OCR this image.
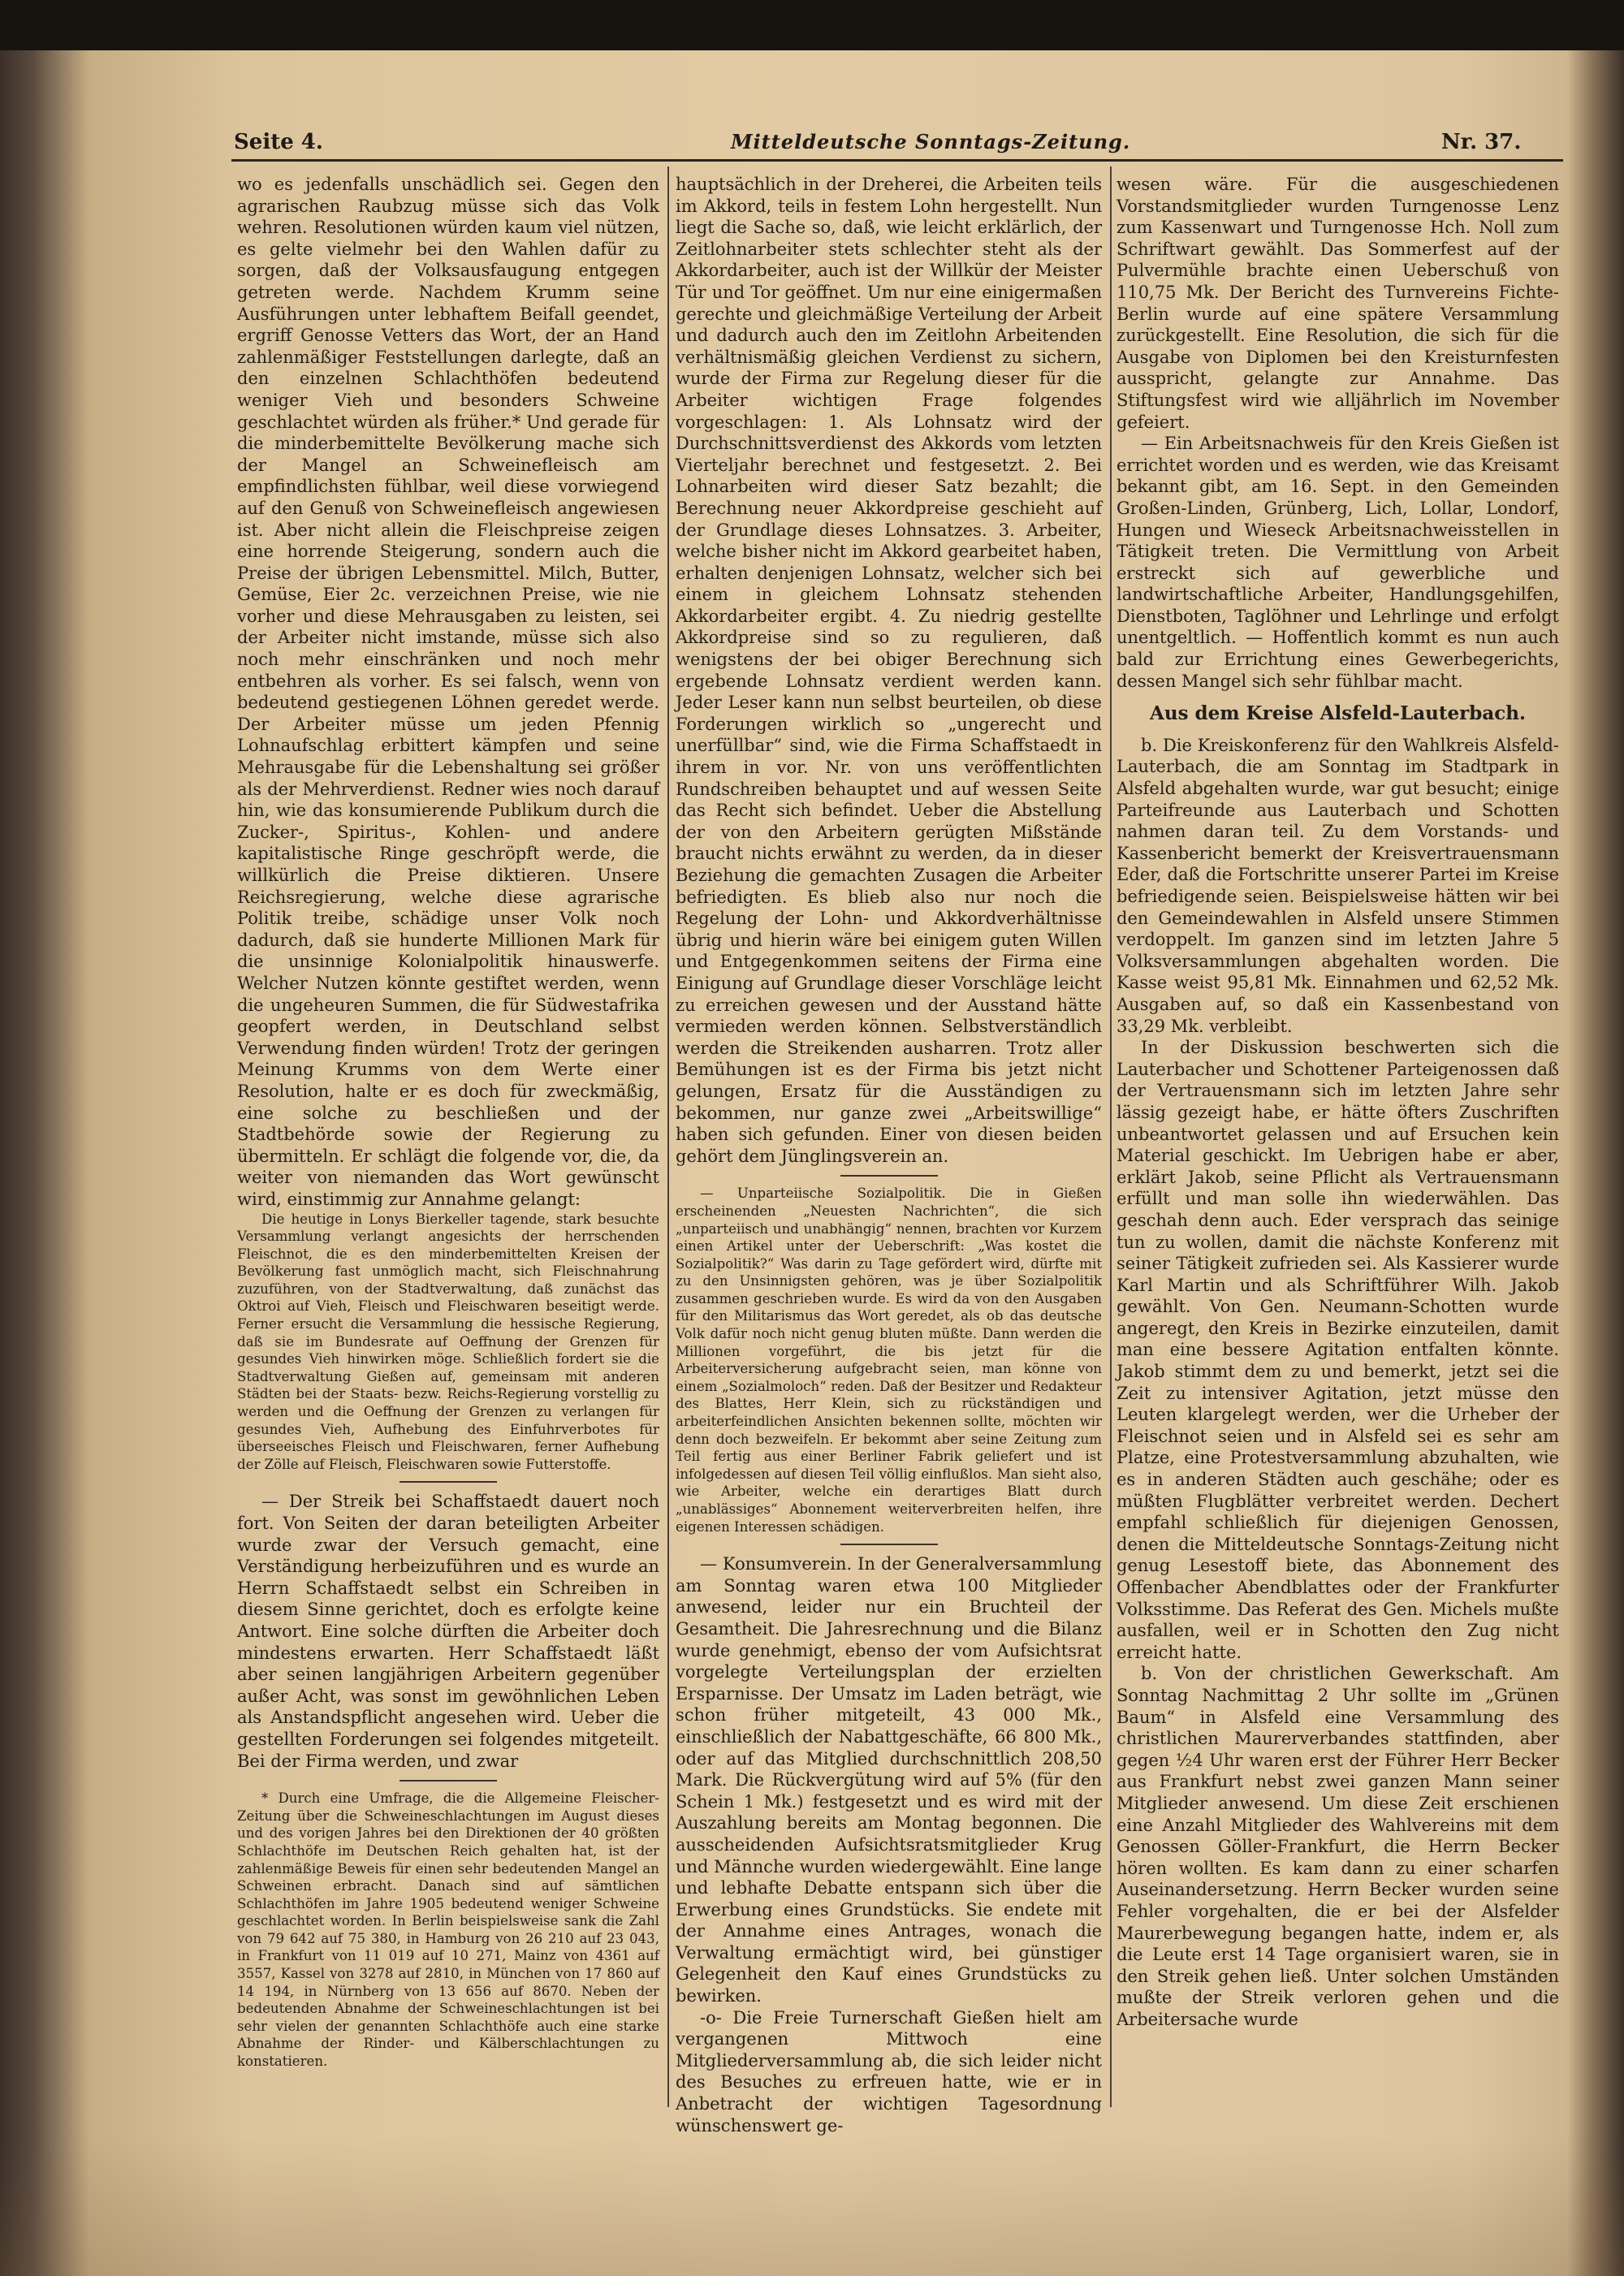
Seite 4.	Mitteldeutsche Sonntags-Zeitung.	Nr. 37.

wo es jedenfalls unschädlich sei. Gegen den agrarischen Raubzug müsse sich das Volk wehren. Resolutionen würden kaum viel nützen, es gelte vielmehr bei den Wahlen dafür zu sorgen, daß der Volksausfaugung entgegen getreten werde. Nachdem Krumm seine Ausführungen unter lebhaftem Beifall geendet, ergriff Genosse Vetters das Wort, der an Hand zahlenmäßiger Feststellungen darlegte, daß an den einzelnen Schlachthöfen bedeutend weniger Vieh und besonders Schweine geschlachtet würden als früher.* Und gerade für die minderbemittelte Bevölkerung mache sich der Mangel an Schweinefleisch am empfindlichsten fühlbar, weil diese vorwiegend auf den Genuß von Schweinefleisch angewiesen ist. Aber nicht allein die Fleischpreise zeigen eine horrende Steigerung, sondern auch die Preise der übrigen Lebensmittel. Milch, Butter, Gemüse, Eier 2c. verzeichnen Preise, wie nie vorher und diese Mehrausgaben zu leisten, sei der Arbeiter nicht imstande, müsse sich also noch mehr einschränken und noch mehr entbehren als vorher. Es sei falsch, wenn von bedeutend gestiegenen Löhnen geredet werde. Der Arbeiter müsse um jeden Pfennig Lohnaufschlag erbittert kämpfen und seine Mehrausgabe für die Lebenshaltung sei größer als der Mehrverdienst. Redner wies noch darauf hin, wie das konsumierende Publikum durch die Zucker-, Spiritus-, Kohlen- und andere kapitalistische Ringe geschröpft werde, die willkürlich die Preise diktieren. Unsere Reichsregierung, welche diese agrarische Politik treibe, schädige unser Volk noch dadurch, daß sie hunderte Millionen Mark für die unsinnige Kolonialpolitik hinauswerfe. Welcher Nutzen könnte gestiftet werden, wenn die ungeheuren Summen, die für Südwestafrika geopfert werden, in Deutschland selbst Verwendung finden würden! Trotz der geringen Meinung Krumms von dem Werte einer Resolution, halte er es doch für zweckmäßig, eine solche zu beschließen und der Stadtbehörde sowie der Regierung zu übermitteln. Er schlägt die folgende vor, die, da weiter von niemanden das Wort gewünscht wird, einstimmig zur Annahme gelangt:

Die heutige in Lonys Bierkeller tagende, stark besuchte Versammlung verlangt angesichts der herrschenden Fleischnot, die es den minderbemittelten Kreisen der Bevölkerung fast unmöglich macht, sich Fleischnahrung zuzuführen, von der Stadtverwaltung, daß zunächst das Oktroi auf Vieh, Fleisch und Fleischwaren beseitigt werde. Ferner ersucht die Versammlung die hessische Regierung, daß sie im Bundesrate auf Oeffnung der Grenzen für gesundes Vieh hinwirken möge. Schließlich fordert sie die Stadtverwaltung Gießen auf, gemeinsam mit anderen Städten bei der Staats- bezw. Reichs-Regierung vorstellig zu werden und die Oeffnung der Grenzen zu verlangen für gesundes Vieh, Aufhebung des Einfuhrverbotes für überseeisches Fleisch und Fleischwaren, ferner Aufhebung der Zölle auf Fleisch, Fleischwaren sowie Futterstoffe.

— Der Streik bei Schaffstaedt dauert noch fort. Von Seiten der daran beteiligten Arbeiter wurde zwar der Versuch gemacht, eine Verständigung herbeizuführen und es wurde an Herrn Schaffstaedt selbst ein Schreiben in diesem Sinne gerichtet, doch es erfolgte keine Antwort. Eine solche dürften die Arbeiter doch mindestens erwarten. Herr Schaffstaedt läßt aber seinen langjährigen Arbeitern gegenüber außer Acht, was sonst im gewöhnlichen Leben als Anstandspflicht angesehen wird. Ueber die gestellten Forderungen sei folgendes mitgeteilt. Bei der Firma werden, und zwar

* Durch eine Umfrage, die die Allgemeine Fleischer-Zeitung über die Schweineschlachtungen im August dieses und des vorigen Jahres bei den Direktionen der 40 größten Schlachthöfe im Deutschen Reich gehalten hat, ist der zahlenmäßige Beweis für einen sehr bedeutenden Mangel an Schweinen erbracht. Danach sind auf sämtlichen Schlachthöfen im Jahre 1905 bedeutend weniger Schweine geschlachtet worden. In Berlin beispielsweise sank die Zahl von 79 642 auf 75 380, in Hamburg von 26 210 auf 23 043, in Frankfurt von 11 019 auf 10 271, Mainz von 4361 auf 3557, Kassel von 3278 auf 2810, in München von 17 860 auf 14 194, in Nürnberg von 13 656 auf 8670. Neben der bedeutenden Abnahme der Schweineschlachtungen ist bei sehr vielen der genannten Schlachthöfe auch eine starke Abnahme der Rinder- und Kälberschlachtungen zu konstatieren.

hauptsächlich in der Dreherei, die Arbeiten teils im Akkord, teils in festem Lohn hergestellt. Nun liegt die Sache so, daß, wie leicht erklärlich, der Zeitlohnarbeiter stets schlechter steht als der Akkordarbeiter, auch ist der Willkür der Meister Tür und Tor geöffnet. Um nur eine einigermaßen gerechte und gleichmäßige Verteilung der Arbeit und dadurch auch den im Zeitlohn Arbeitenden verhältnismäßig gleichen Verdienst zu sichern, wurde der Firma zur Regelung dieser für die Arbeiter wichtigen Frage folgendes vorgeschlagen: 1. Als Lohnsatz wird der Durchschnittsverdienst des Akkords vom letzten Vierteljahr berechnet und festgesetzt. 2. Bei Lohnarbeiten wird dieser Satz bezahlt; die Berechnung neuer Akkordpreise geschieht auf der Grundlage dieses Lohnsatzes. 3. Arbeiter, welche bisher nicht im Akkord gearbeitet haben, erhalten denjenigen Lohnsatz, welcher sich bei einem in gleichem Lohnsatz stehenden Akkordarbeiter ergibt. 4. Zu niedrig gestellte Akkordpreise sind so zu regulieren, daß wenigstens der bei obiger Berechnung sich ergebende Lohnsatz verdient werden kann. Jeder Leser kann nun selbst beurteilen, ob diese Forderungen wirklich so „ungerecht und unerfüllbar“ sind, wie die Firma Schaffstaedt in ihrem in vor. Nr. von uns veröffentlichten Rundschreiben behauptet und auf wessen Seite das Recht sich befindet. Ueber die Abstellung der von den Arbeitern gerügten Mißstände braucht nichts erwähnt zu werden, da in dieser Beziehung die gemachten Zusagen die Arbeiter befriedigten. Es blieb also nur noch die Regelung der Lohn- und Akkordverhältnisse übrig und hierin wäre bei einigem guten Willen und Entgegenkommen seitens der Firma eine Einigung auf Grundlage dieser Vorschläge leicht zu erreichen gewesen und der Ausstand hätte vermieden werden können. Selbstverständlich werden die Streikenden ausharren. Trotz aller Bemühungen ist es der Firma bis jetzt nicht gelungen, Ersatz für die Ausständigen zu bekommen, nur ganze zwei „Arbeitswillige“ haben sich gefunden. Einer von diesen beiden gehört dem Jünglingsverein an.

— Unparteiische Sozialpolitik. Die in Gießen erscheinenden „Neuesten Nachrichten“, die sich „unparteiisch und unabhängig“ nennen, brachten vor Kurzem einen Artikel unter der Ueberschrift: „Was kostet die Sozialpolitik?“ Was darin zu Tage gefördert wird, dürfte mit zu den Unsinnigsten gehören, was je über Sozialpolitik zusammen geschrieben wurde. Es wird da von den Ausgaben für den Militarismus das Wort geredet, als ob das deutsche Volk dafür noch nicht genug bluten müßte. Dann werden die Millionen vorgeführt, die bis jetzt für die Arbeiterversicherung aufgebracht seien, man könne von einem „Sozialmoloch“ reden. Daß der Besitzer und Redakteur des Blattes, Herr Klein, sich zu rückständigen und arbeiterfeindlichen Ansichten bekennen sollte, möchten wir denn doch bezweifeln. Er bekommt aber seine Zeitung zum Teil fertig aus einer Berliner Fabrik geliefert und ist infolgedessen auf diesen Teil völlig einflußlos. Man sieht also, wie Arbeiter, welche ein derartiges Blatt durch „unablässiges“ Abonnement weiterverbreiten helfen, ihre eigenen Interessen schädigen.

— Konsumverein. In der Generalversammlung am Sonntag waren etwa 100 Mitglieder anwesend, leider nur ein Bruchteil der Gesamtheit. Die Jahresrechnung und die Bilanz wurde genehmigt, ebenso der vom Aufsichtsrat vorgelegte Verteilungsplan der erzielten Ersparnisse. Der Umsatz im Laden beträgt, wie schon früher mitgeteilt, 43 000 Mk., einschließlich der Nabattgeschäfte, 66 800 Mk., oder auf das Mitglied durchschnittlich 208,50 Mark. Die Rückvergütung wird auf 5% (für den Schein 1 Mk.) festgesetzt und es wird mit der Auszahlung bereits am Montag begonnen. Die ausscheidenden Aufsichtsratsmitglieder Krug und Männche wurden wiedergewählt. Eine lange und lebhafte Debatte entspann sich über die Erwerbung eines Grundstücks. Sie endete mit der Annahme eines Antrages, wonach die Verwaltung ermächtigt wird, bei günstiger Gelegenheit den Kauf eines Grundstücks zu bewirken.

-o- Die Freie Turnerschaft Gießen hielt am vergangenen Mittwoch eine Mitgliederversammlung ab, die sich leider nicht des Besuches zu erfreuen hatte, wie er in Anbetracht der wichtigen Tagesordnung wünschenswert ge-

wesen wäre. Für die ausgeschiedenen Vorstandsmitglieder wurden Turngenosse Lenz zum Kassenwart und Turngenosse Hch. Noll zum Schriftwart gewählt. Das Sommerfest auf der Pulvermühle brachte einen Ueberschuß von 110,75 Mk. Der Bericht des Turnvereins Fichte-Berlin wurde auf eine spätere Versammlung zurückgestellt. Eine Resolution, die sich für die Ausgabe von Diplomen bei den Kreisturnfesten ausspricht, gelangte zur Annahme. Das Stiftungsfest wird wie alljährlich im November gefeiert.

— Ein Arbeitsnachweis für den Kreis Gießen ist errichtet worden und es werden, wie das Kreisamt bekannt gibt, am 16. Sept. in den Gemeinden Großen-Linden, Grünberg, Lich, Lollar, Londorf, Hungen und Wieseck Arbeitsnachweisstellen in Tätigkeit treten. Die Vermittlung von Arbeit erstreckt sich auf gewerbliche und landwirtschaftliche Arbeiter, Handlungsgehilfen, Dienstboten, Taglöhner und Lehrlinge und erfolgt unentgeltlich. — Hoffentlich kommt es nun auch bald zur Errichtung eines Gewerbegerichts, dessen Mangel sich sehr fühlbar macht.

Aus dem Kreise Alsfeld-Lauterbach.

b. Die Kreiskonferenz für den Wahlkreis Alsfeld-Lauterbach, die am Sonntag im Stadtpark in Alsfeld abgehalten wurde, war gut besucht; einige Parteifreunde aus Lauterbach und Schotten nahmen daran teil. Zu dem Vorstands- und Kassenbericht bemerkt der Kreisvertrauensmann Eder, daß die Fortschritte unserer Partei im Kreise befriedigende seien. Beispielsweise hätten wir bei den Gemeindewahlen in Alsfeld unsere Stimmen verdoppelt. Im ganzen sind im letzten Jahre 5 Volksversammlungen abgehalten worden. Die Kasse weist 95,81 Mk. Einnahmen und 62,52 Mk. Ausgaben auf, so daß ein Kassenbestand von 33,29 Mk. verbleibt.

In der Diskussion beschwerten sich die Lauterbacher und Schottener Parteigenossen daß der Vertrauensmann sich im letzten Jahre sehr lässig gezeigt habe, er hätte öfters Zuschriften unbeantwortet gelassen und auf Ersuchen kein Material geschickt. Im Uebrigen habe er aber, erklärt Jakob, seine Pflicht als Vertrauensmann erfüllt und man solle ihn wiederwählen. Das geschah denn auch. Eder versprach das seinige tun zu wollen, damit die nächste Konferenz mit seiner Tätigkeit zufrieden sei. Als Kassierer wurde Karl Martin und als Schriftführer Wilh. Jakob gewählt. Von Gen. Neumann-Schotten wurde angeregt, den Kreis in Bezirke einzuteilen, damit man eine bessere Agitation entfalten könnte. Jakob stimmt dem zu und bemerkt, jetzt sei die Zeit zu intensiver Agitation, jetzt müsse den Leuten klargelegt werden, wer die Urheber der Fleischnot seien und in Alsfeld sei es sehr am Platze, eine Protestversammlung abzuhalten, wie es in anderen Städten auch geschähe; oder es müßten Flugblätter verbreitet werden. Dechert empfahl schließlich für diejenigen Genossen, denen die Mitteldeutsche Sonntags-Zeitung nicht genug Lesestoff biete, das Abonnement des Offenbacher Abendblattes oder der Frankfurter Volksstimme. Das Referat des Gen. Michels mußte ausfallen, weil er in Schotten den Zug nicht erreicht hatte.

b. Von der christlichen Gewerkschaft. Am Sonntag Nachmittag 2 Uhr sollte im „Grünen Baum“ in Alsfeld eine Versammlung des christlichen Maurerverbandes stattfinden, aber gegen ½4 Uhr waren erst der Führer Herr Becker aus Frankfurt nebst zwei ganzen Mann seiner Mitglieder anwesend. Um diese Zeit erschienen eine Anzahl Mitglieder des Wahlvereins mit dem Genossen Göller-Frankfurt, die Herrn Becker hören wollten. Es kam dann zu einer scharfen Auseinandersetzung. Herrn Becker wurden seine Fehler vorgehalten, die er bei der Alsfelder Maurerbewegung begangen hatte, indem er, als die Leute erst 14 Tage organisiert waren, sie in den Streik gehen ließ. Unter solchen Umständen mußte der Streik verloren gehen und die Arbeitersache wurde
